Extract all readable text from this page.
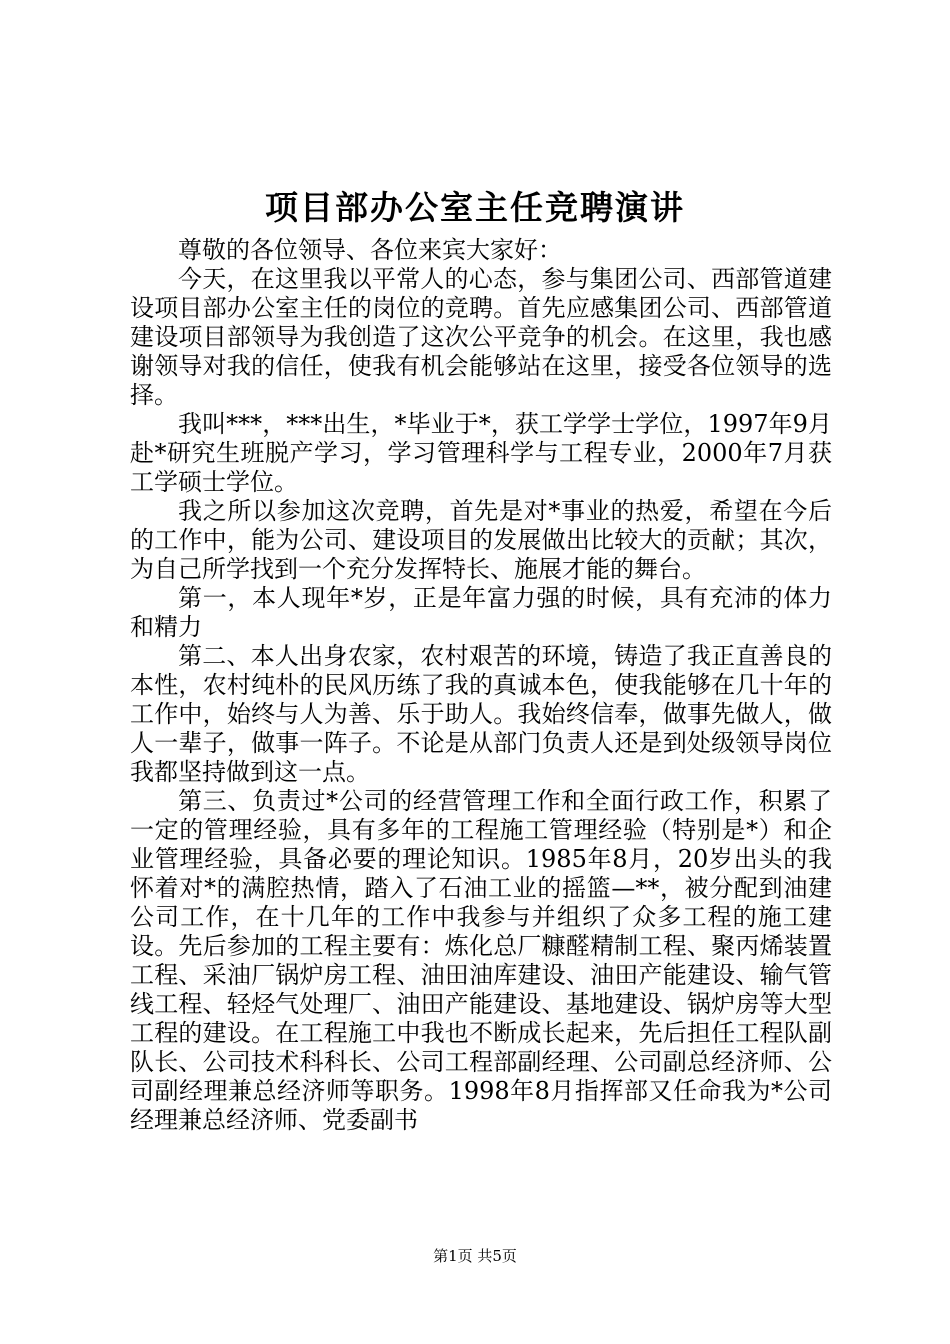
项目部办公室主任竞聘演讲

尊敬的各位领导、各位来宾大家好：

今天，在这里我以平常人的心态，参与集团公司、西部管道建设项目部办公室主任的岗位的竞聘。首先应感集团公司、西部管道建设项目部领导为我创造了这次公平竞争的机会。在这里，我也感谢领导对我的信任，使我有机会能够站在这里，接受各位领导的选择。

我叫***，***出生，*毕业于*，获工学学士学位，1997年9月赴*研究生班脱产学习，学习管理科学与工程专业，2000年7月获工学硕士学位。

我之所以参加这次竞聘，首先是对*事业的热爱，希望在今后的工作中，能为公司、建设项目的发展做出比较大的贡献；其次，为自己所学找到一个充分发挥特长、施展才能的舞台。

第一，本人现年*岁，正是年富力强的时候，具有充沛的体力和精力

第二、本人出身农家，农村艰苦的环境，铸造了我正直善良的本性，农村纯朴的民风历练了我的真诚本色，使我能够在几十年的工作中，始终与人为善、乐于助人。我始终信奉，做事先做人，做人一辈子，做事一阵子。不论是从部门负责人还是到处级领导岗位我都坚持做到这一点。

第三、负责过*公司的经营管理工作和全面行政工作，积累了一定的管理经验，具有多年的工程施工管理经验（特别是*）和企业管理经验，具备必要的理论知识。1985年8月，20岁出头的我怀着对*的满腔热情，踏入了石油工业的摇篮—**，被分配到油建公司工作，在十几年的工作中我参与并组织了众多工程的施工建设。先后参加的工程主要有：炼化总厂糠醛精制工程、聚丙烯装置工程、采油厂锅炉房工程、油田油库建设、油田产能建设、输气管线工程、轻烃气处理厂、油田产能建设、基地建设、锅炉房等大型工程的建设。在工程施工中我也不断成长起来，先后担任工程队副队长、公司技术科科长、公司工程部副经理、公司副总经济师、公司副经理兼总经济师等职务。1998年8月指挥部又任命我为*公司经理兼总经济师、党委副书

第1页 共5页
